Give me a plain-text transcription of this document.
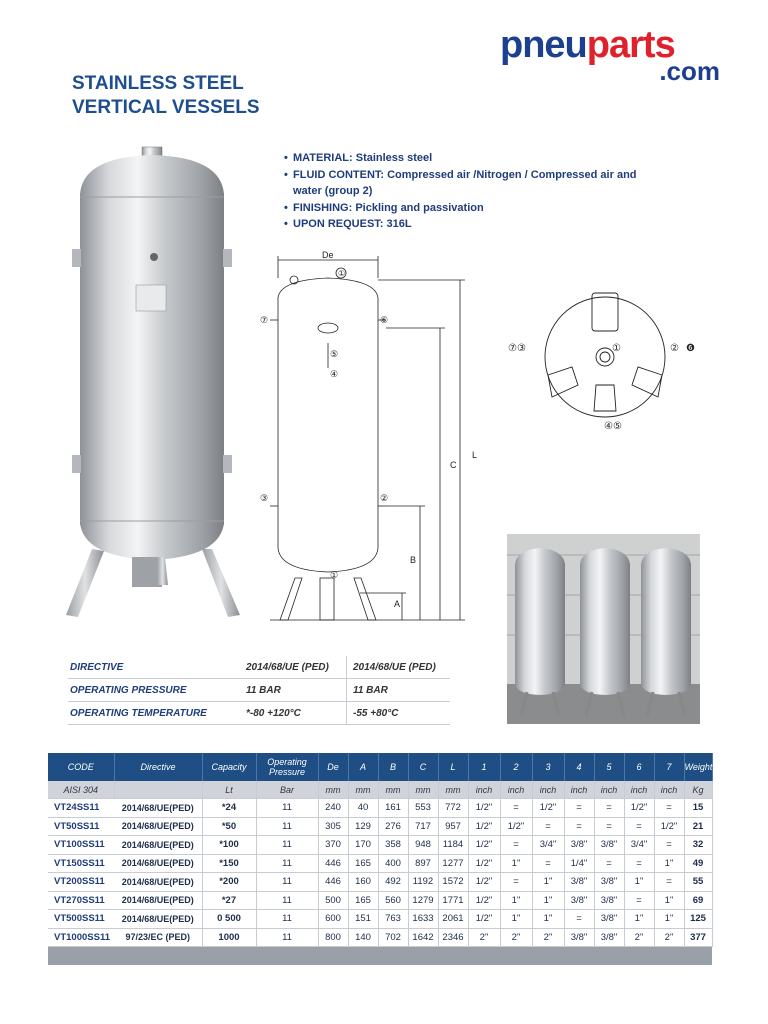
pneuparts
.com
STAINLESS STEEL
VERTICAL VESSELS
• MATERIAL: Stainless steel
• FLUID CONTENT: Compressed air /Nitrogen / Compressed air and water (group 2)
• FINISHING: Pickling and passivation
• UPON REQUEST: 316L
De
①
⑦	⑥
⑤
④
③	②
①
L
C
B
A
⑦③	①	② ❻
④⑤
DIRECTIVE	2014/68/UE (PED)	2014/68/UE (PED)
OPERATING PRESSURE	11 BAR	11 BAR
OPERATING TEMPERATURE	*-80 +120°C	-55 +80°C
CODE	Directive	Capacity	Operating Pressure	De	A	B	C	L	1	2	3	4	5	6	7	Weight
AISI 304		Lt	Bar	mm	mm	mm	mm	mm	inch	inch	inch	inch	inch	inch	inch	Kg
VT24SS11	2014/68/UE(PED)	*24	11	240	40	161	553	772	1/2"	=	1/2"	=	=	1/2"	=	15
VT50SS11	2014/68/UE(PED)	*50	11	305	129	276	717	957	1/2"	1/2"	=	=	=	=	1/2"	21
VT100SS11	2014/68/UE(PED)	*100	11	370	170	358	948	1184	1/2"	=	3/4"	3/8"	3/8"	3/4"	=	32
VT150SS11	2014/68/UE(PED)	*150	11	446	165	400	897	1277	1/2"	1"	=	1/4"	=	=	1"	49
VT200SS11	2014/68/UE(PED)	*200	11	446	160	492	1192	1572	1/2"	=	1"	3/8"	3/8"	1"	=	55
VT270SS11	2014/68/UE(PED)	*27	11	500	165	560	1279	1771	1/2"	1"	1"	3/8"	3/8"	=	1"	69
VT500SS11	2014/68/UE(PED)	0 500	11	600	151	763	1633	2061	1/2"	1"	1"	=	3/8"	1"	1"	125
VT1000SS11	97/23/EC (PED)	1000	11	800	140	702	1642	2346	2"	2"	2"	3/8"	3/8"	2"	2"	377
